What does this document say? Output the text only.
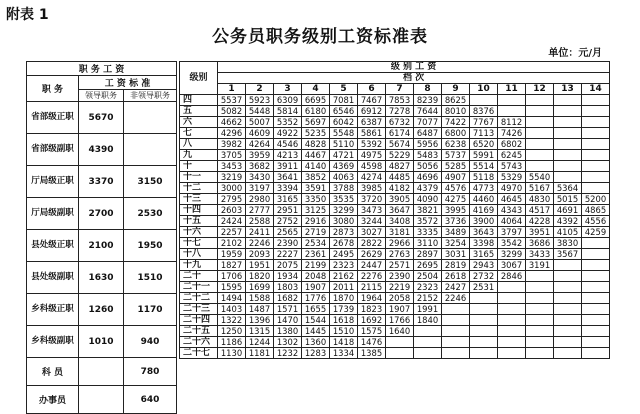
附表 1
公务员职务级别工资标准表
单位：元/月
职 务 工 资		
职 务	工 资 标 准	
	领导职务	非领导职务
省部级正职	5670	
省部级副职	4390	
厅局级正职	3370	3150
厅局级副职	2700	2530
县处级正职	2100	1950
县处级副职	1630	1510
乡科级正职	1260	1170
乡科级副职	1010	940
科 员		780
办事员		640
级别	级 别 工 资													
	档 次													
	1	2	3	4	5	6	7	8	9	10	11	12	13	14
四	5537	5923	6309	6695	7081	7467	7853	8239	8625					
五	5082	5448	5814	6180	6546	6912	7278	7644	8010	8376				
六	4662	5007	5352	5697	6042	6387	6732	7077	7422	7767	8112			
七	4296	4609	4922	5235	5548	5861	6174	6487	6800	7113	7426			
八	3982	4264	4546	4828	5110	5392	5674	5956	6238	6520	6802			
九	3705	3959	4213	4467	4721	4975	5229	5483	5737	5991	6245			
十	3453	3682	3911	4140	4369	4598	4827	5056	5285	5514	5743			
十一	3219	3430	3641	3852	4063	4274	4485	4696	4907	5118	5329	5540		
十二	3000	3197	3394	3591	3788	3985	4182	4379	4576	4773	4970	5167	5364	
十三	2795	2980	3165	3350	3535	3720	3905	4090	4275	4460	4645	4830	5015	5200
十四	2603	2777	2951	3125	3299	3473	3647	3821	3995	4169	4343	4517	4691	4865
十五	2424	2588	2752	2916	3080	3244	3408	3572	3736	3900	4064	4228	4392	4556
十六	2257	2411	2565	2719	2873	3027	3181	3335	3489	3643	3797	3951	4105	4259
十七	2102	2246	2390	2534	2678	2822	2966	3110	3254	3398	3542	3686	3830	
十八	1959	2093	2227	2361	2495	2629	2763	2897	3031	3165	3299	3433	3567	
十九	1827	1951	2075	2199	2323	2447	2571	2695	2819	2943	3067	3191		
二十	1706	1820	1934	2048	2162	2276	2390	2504	2618	2732	2846			
二十一	1595	1699	1803	1907	2011	2115	2219	2323	2427	2531				
二十二	1494	1588	1682	1776	1870	1964	2058	2152	2246					
二十三	1403	1487	1571	1655	1739	1823	1907	1991						
二十四	1322	1396	1470	1544	1618	1692	1766	1840						
二十五	1250	1315	1380	1445	1510	1575	1640							
二十六	1186	1244	1302	1360	1418	1476								
二十七	1130	1181	1232	1283	1334	1385								
